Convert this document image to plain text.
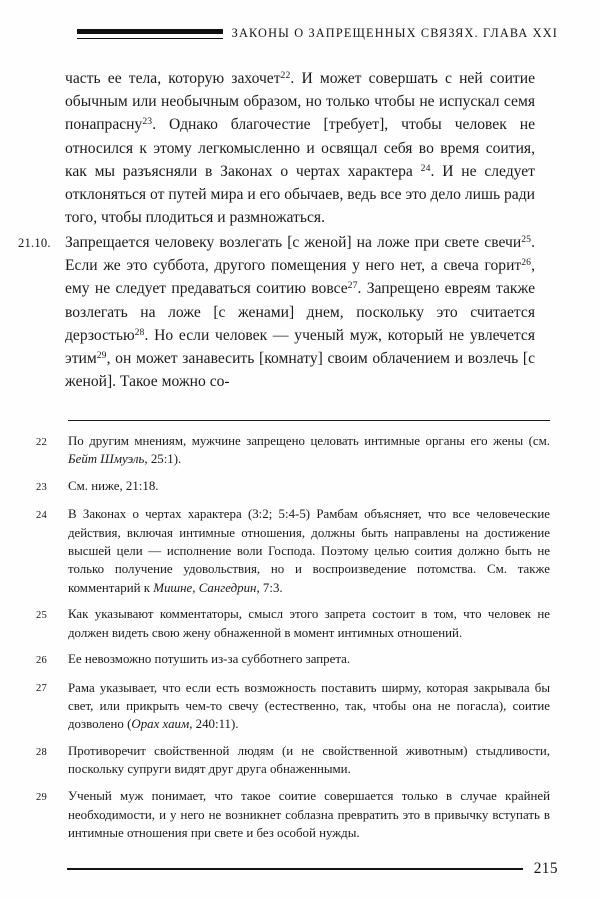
ЗАКОНЫ О ЗАПРЕЩЕННЫХ СВЯЗЯХ. ГЛАВА XXI

часть ее тела, которую захочет$^{22}$. И может совершать с ней соитие обычным или необычным образом, но только чтобы не испускал семя понапрасну$^{23}$. Однако благочестие [требует], чтобы человек не относился к этому легкомысленно и освящал себя во время соития, как мы разъясняли в Законах о чертах характера $^{24}$. И не следует отклоняться от путей мира и его обычаев, ведь все это дело лишь ради того, чтобы плодиться и размножаться.

21.10. Запрещается человеку возлегать [с женой] на ложе при свете свечи$^{25}$. Если же это суббота, другого помещения у него нет, а свеча горит$^{26}$, ему не следует предаваться соитию вовсе$^{27}$. Запрещено евреям также возлегать на ложе [с женами] днем, поскольку это считается дерзостью$^{28}$. Но если человек — ученый муж, который не увлечется этим$^{29}$, он может занавесить [комнату] своим облачением и возлечь [с женой]. Такое можно со-
22	По другим мнениям, мужчине запрещено целовать интимные органы его жены (см. Бейт Шмуэль, 25:1).
23	См. ниже, 21:18.
24	В Законах о чертах характера (3:2; 5:4-5) Рамбам объясняет, что все человеческие действия, включая интимные отношения, должны быть направлены на достижение высшей цели — исполнение воли Господа. Поэтому целью соития должно быть не только получение удовольствия, но и воспроизведение потомства. См. также комментарий к Мишне, Сангедрин, 7:3.
25	Как указывают комментаторы, смысл этого запрета состоит в том, что человек не должен видеть свою жену обнаженной в момент интимных отношений.
26	Ее невозможно потушить из-за субботнего запрета.
27	Рама указывает, что если есть возможность поставить ширму, которая закрывала бы свет, или прикрыть чем-то свечу (естественно, так, чтобы она не погасла), соитие дозволено (Орах хаим, 240:11).
28	Противоречит свойственной людям (и не свойственной животным) стыдливости, поскольку супруги видят друг друга обнаженными.
29	Ученый муж понимает, что такое соитие совершается только в случае крайней необходимости, и у него не возникнет соблазна превратить это в привычку вступать в интимные отношения при свете и без особой нужды.
215
